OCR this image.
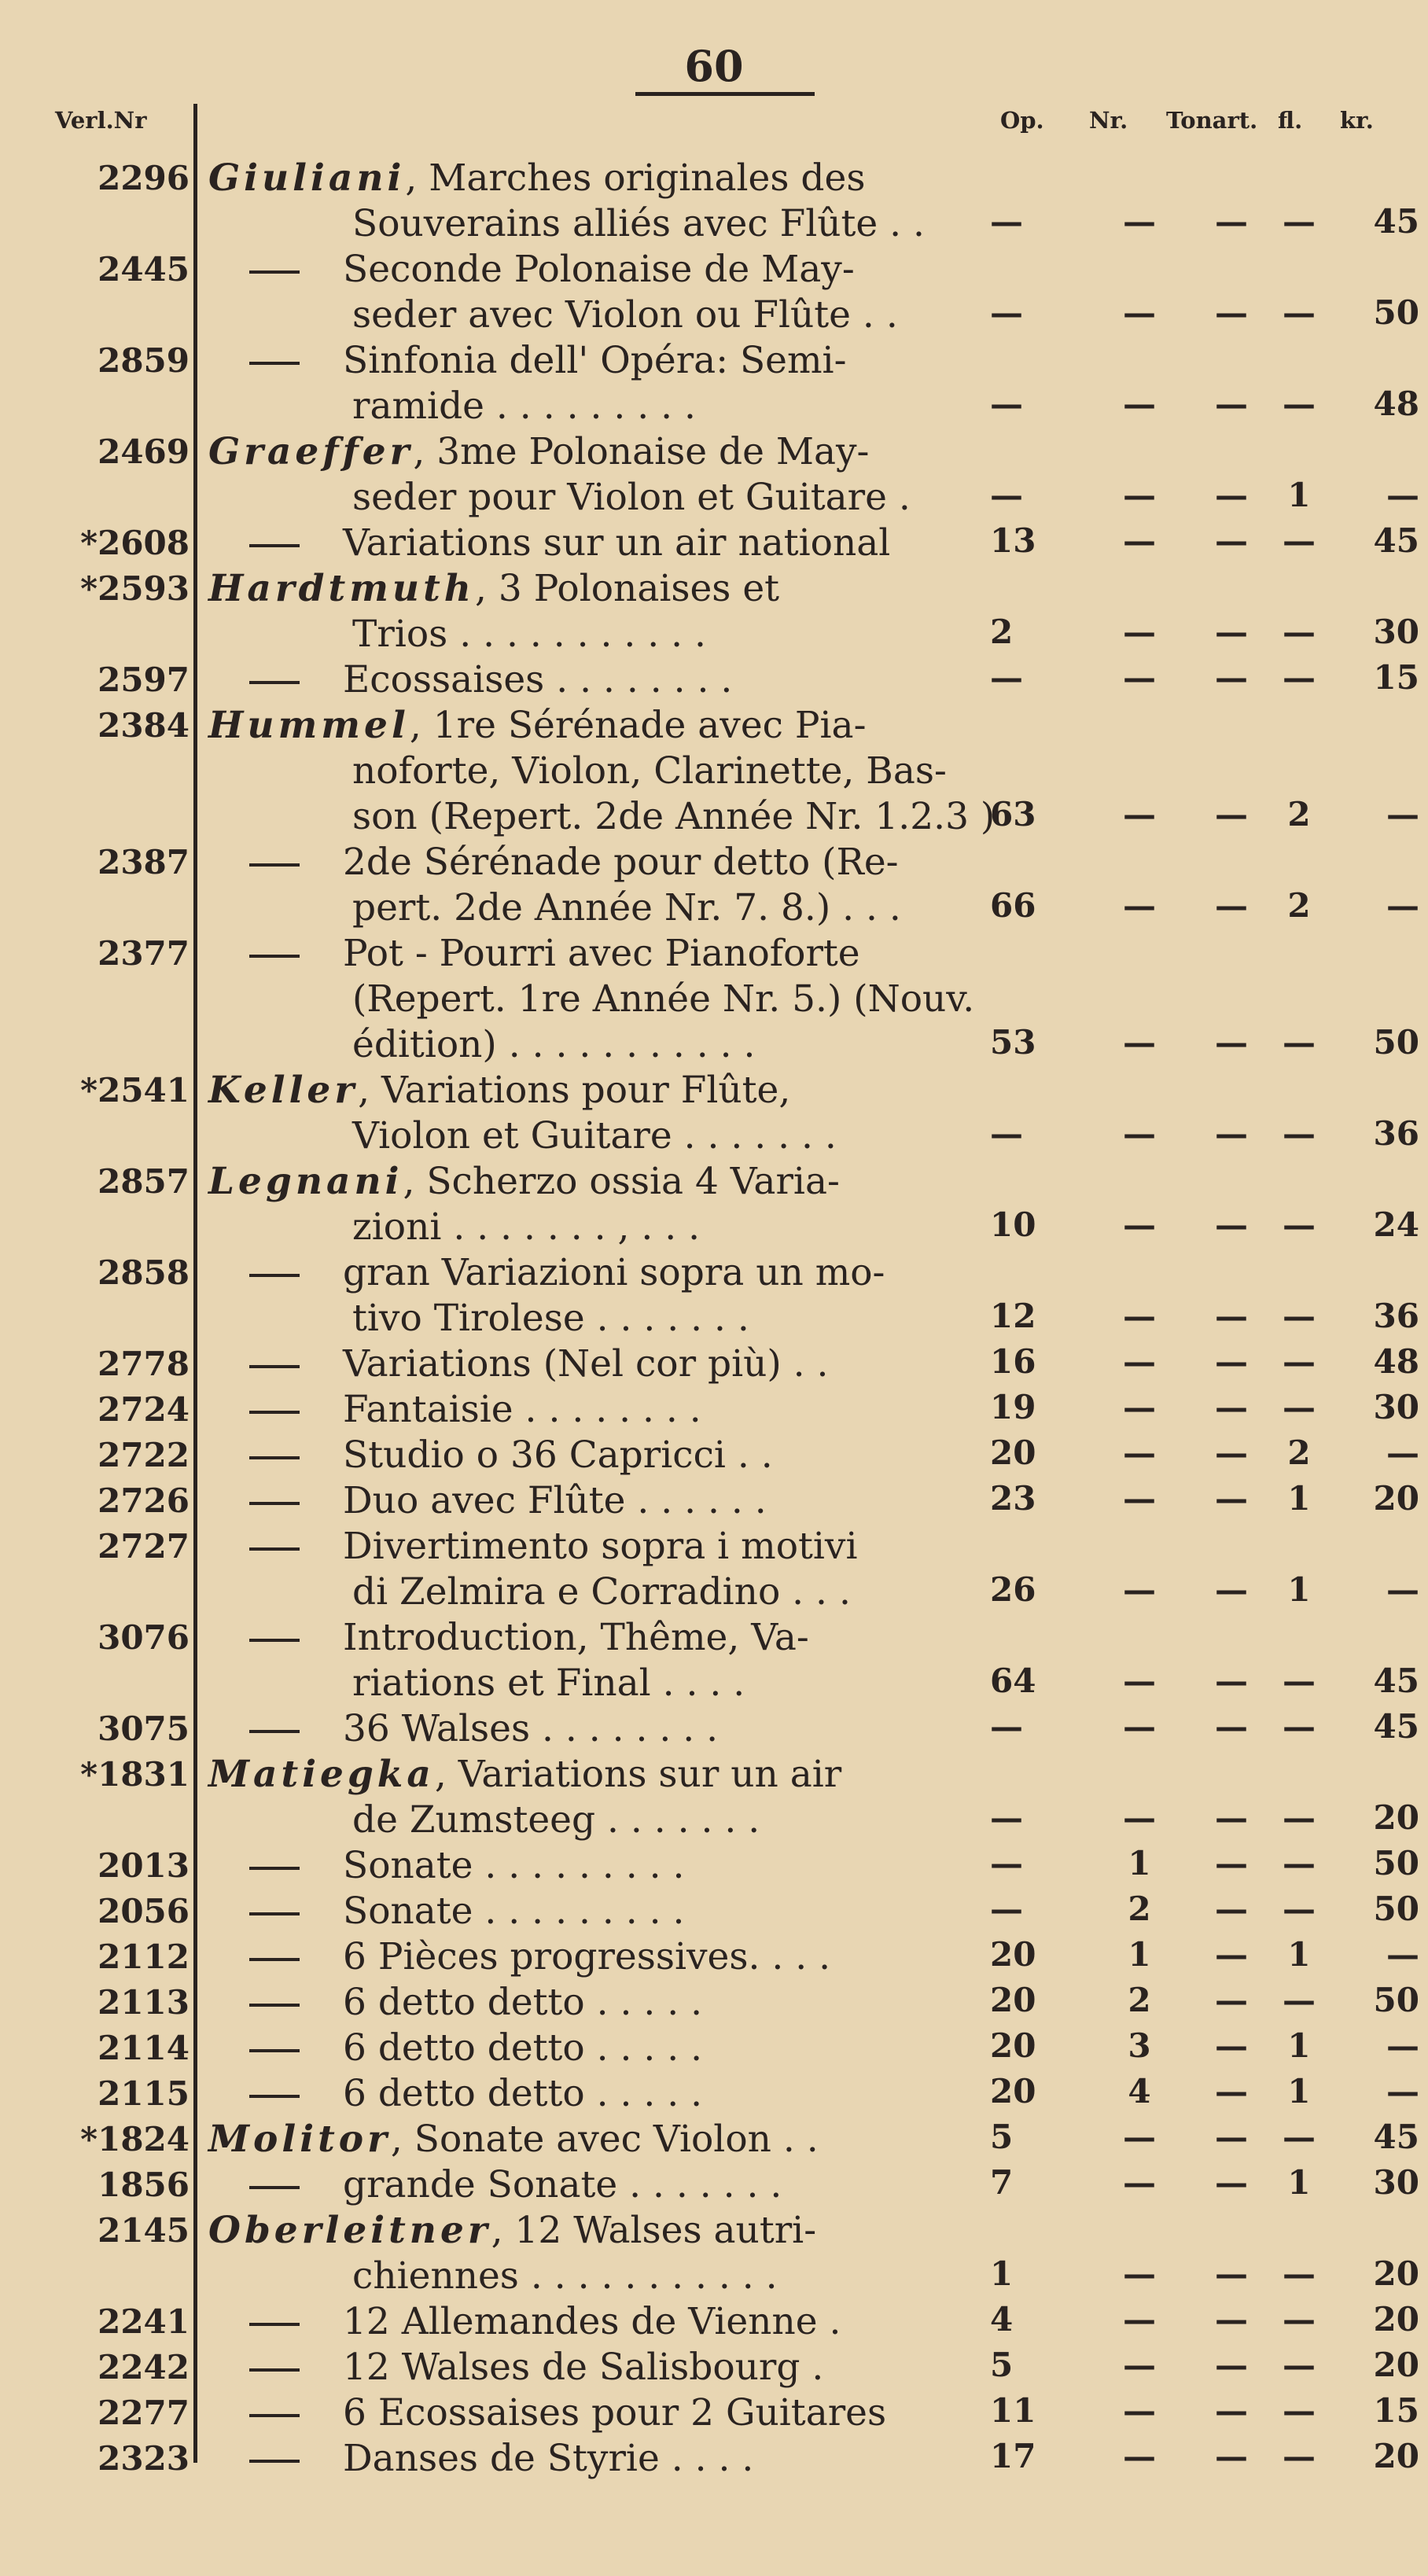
60
Verl.Nr	Op. Nr. Tonart. fl. kr.
2296 Giuliani, Marches originales des
Souverains alliés avec Flûte . .	—	—	—	—	45
2445	Seconde Polonaise de May-
seder avec Violon ou Flûte . .	—	—	—	—	50
2859	Sinfonia dell' Opéra: Semi-
ramide . . . . . . . . .	—	—	—	—	48
2469 Graeffer, 3me Polonaise de May-
seder pour Violon et Guitare .	—	—	—	1	—
*2608	Variations sur un air national	13	—	—	—	45
*2593 Hardtmuth, 3 Polonaises et
Trios . . . . . . . . . . .	2	—	—	—	30
2597	Ecossaises . . . . . . . .	—	—	—	—	15
2384 Hummel, 1re Sérénade avec Pia-
noforte, Violon, Clarinette, Bas-
son (Repert. 2de Année Nr. 1.2.3 )
63	—	—	2	—
2387	2de Sérénade pour detto (Re-
pert. 2de Année Nr. 7. 8.) . . .	66	—	—	2	—
2377	Pot - Pourri avec Pianoforte
(Repert. 1re Année Nr. 5.) (Nouv.
édition) . . . . . . . . . . .	53	—	—	—	50
*2541 Keller, Variations pour Flûte,
Violon et Guitare . . . . . . .	—	—	—	—	36
2857 Legnani, Scherzo ossia 4 Varia-
zioni . . . . . . . , . . .	10	—	—	—	24
2858	gran Variazioni sopra un mo-
tivo Tirolese . . . . . . .	12	—	—	—	36
2778	Variations (Nel cor più) . .	16	—	—	—	48
2724	Fantaisie . . . . . . . .	19	—	—	—	30
2722	Studio o 36 Capricci . .	20	—	—	2	—
2726	Duo avec Flûte . . . . . .	23	—	—	1	20
2727	Divertimento sopra i motivi
di Zelmira e Corradino . . .	26	—	—	1	—
3076	Introduction, Thême, Va-
riations et Final . . . .	64	—	—	—	45
3075	36 Walses . . . . . . . .	—	—	—	—	45
*1831 Matiegka, Variations sur un air
de Zumsteeg . . . . . . .	—	—	—	—	20
2013	Sonate . . . . . . . . .	—	1	—	—	50
2056	Sonate . . . . . . . . .	—	2	—	—	50
2112	6 Pièces progressives. . . .	20	1	—	1	—
2113	6 detto detto . . . . .	20	2	—	—	50
2114	6 detto detto . . . . .	20	3	—	1	—
2115	6 detto detto . . . . .	20	4	—	1	—
*1824 Molitor, Sonate avec Violon . .	5	—	—	—	45
1856	grande Sonate . . . . . . .	7	—	—	1	30
2145 Oberleitner, 12 Walses autri-
chiennes . . . . . . . . . . .	1	—	—	—	20
2241	12 Allemandes de Vienne .	4	—	—	—	20
2242	12 Walses de Salisbourg .	5	—	—	—	20
2277	6 Ecossaises pour 2 Guitares	11	—	—	—	15
2323	Danses de Styrie . . . .	17	—	—	—	20
